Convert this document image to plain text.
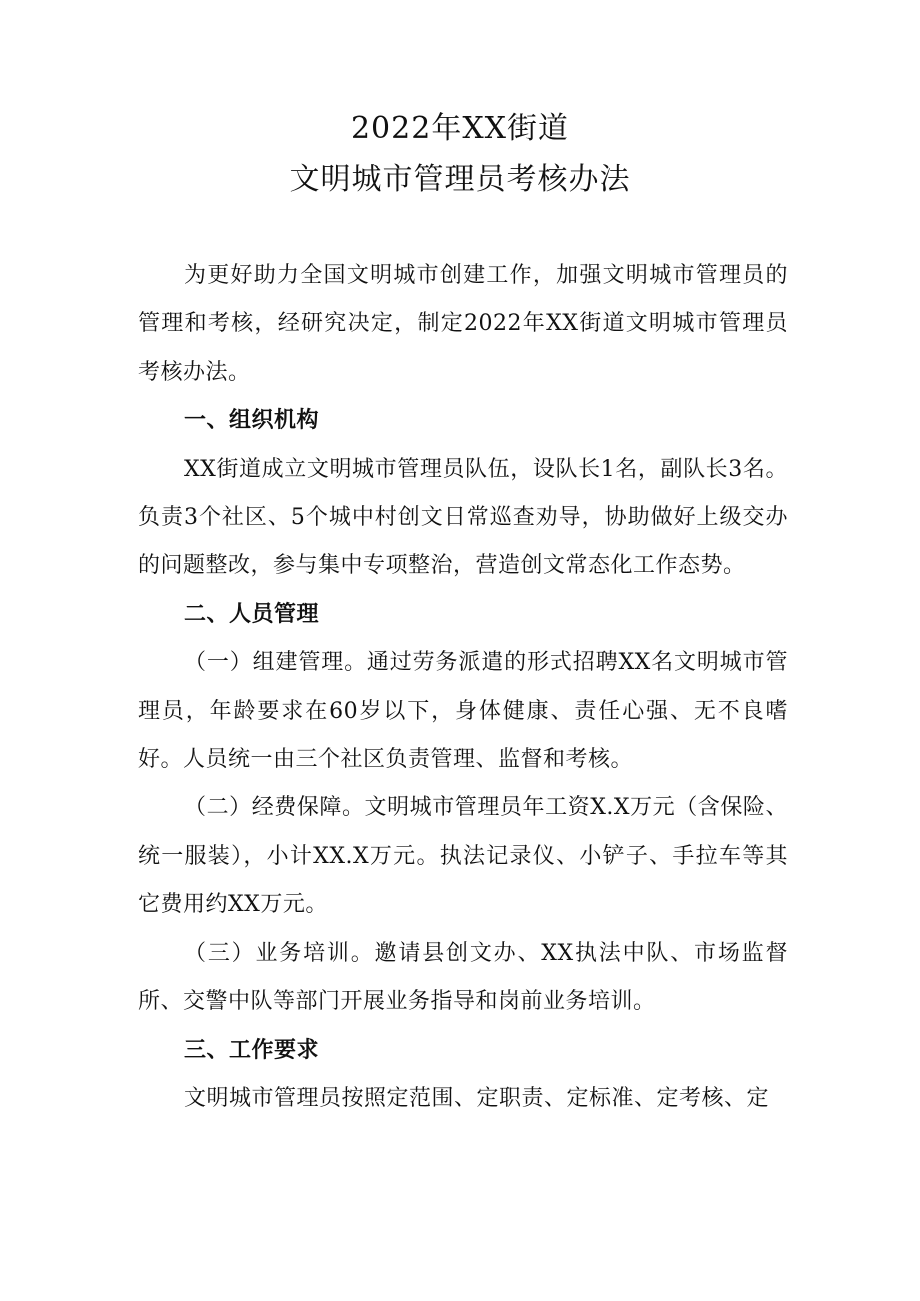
2022年XX街道
文明城市管理员考核办法

为更好助力全国文明城市创建工作，加强文明城市管理员的管理和考核，经研究决定，制定2022年XX街道文明城市管理员考核办法。

一、组织机构

XX街道成立文明城市管理员队伍，设队长1名，副队长3名。负责3个社区、5个城中村创文日常巡查劝导，协助做好上级交办的问题整改，参与集中专项整治，营造创文常态化工作态势。

二、人员管理

（一）组建管理。通过劳务派遣的形式招聘XX名文明城市管理员，年龄要求在60岁以下，身体健康、责任心强、无不良嗜好。人员统一由三个社区负责管理、监督和考核。

（二）经费保障。文明城市管理员年工资X.X万元（含保险、统一服装），小计XX.X万元。执法记录仪、小铲子、手拉车等其它费用约XX万元。

（三）业务培训。邀请县创文办、XX执法中队、市场监督所、交警中队等部门开展业务指导和岗前业务培训。

三、工作要求

文明城市管理员按照定范围、定职责、定标准、定考核、定
